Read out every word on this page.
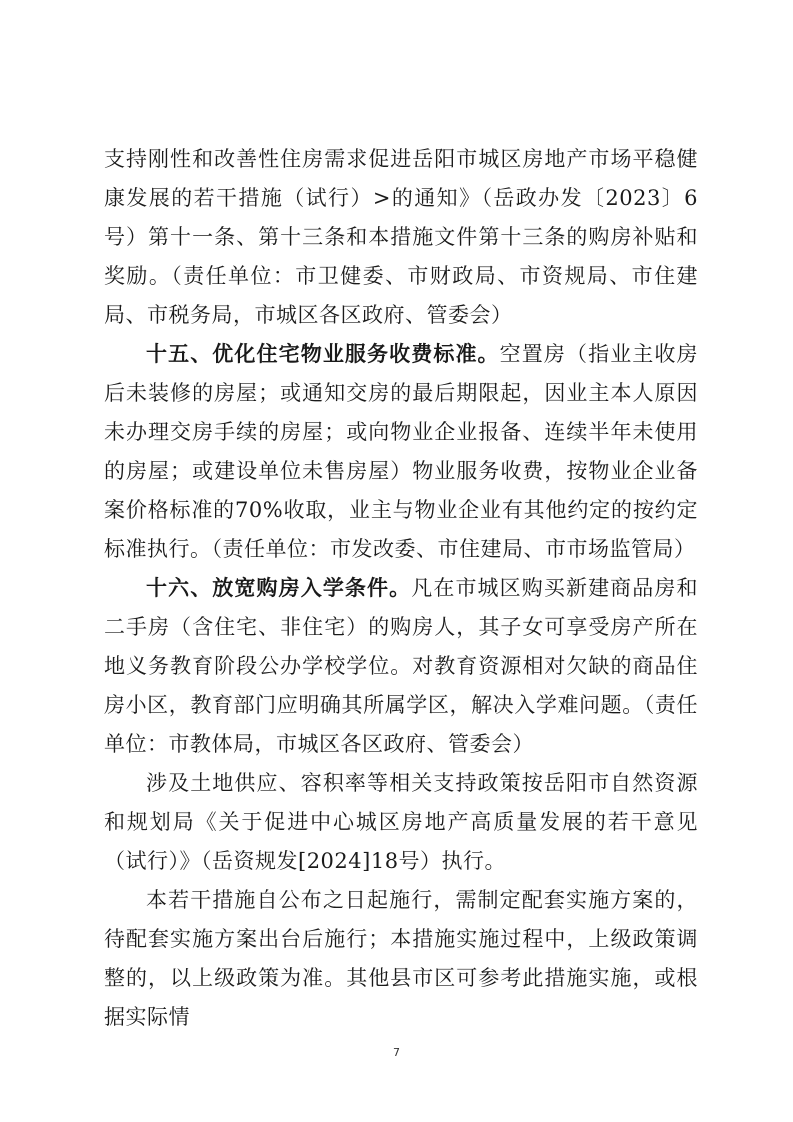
支持刚性和改善性住房需求促进岳阳市城区房地产市场平稳健康发展的若干措施（试行）>的通知》（岳政办发〔2023〕6号）第十一条、第十三条和本措施文件第十三条的购房补贴和奖励。（责任单位：市卫健委、市财政局、市资规局、市住建局、市税务局，市城区各区政府、管委会）

十五、优化住宅物业服务收费标准。空置房（指业主收房后未装修的房屋；或通知交房的最后期限起，因业主本人原因未办理交房手续的房屋；或向物业企业报备、连续半年未使用的房屋；或建设单位未售房屋）物业服务收费，按物业企业备案价格标准的70%收取，业主与物业企业有其他约定的按约定标准执行。（责任单位：市发改委、市住建局、市市场监管局）

十六、放宽购房入学条件。凡在市城区购买新建商品房和二手房（含住宅、非住宅）的购房人，其子女可享受房产所在地义务教育阶段公办学校学位。对教育资源相对欠缺的商品住房小区，教育部门应明确其所属学区，解决入学难问题。（责任单位：市教体局，市城区各区政府、管委会）

涉及土地供应、容积率等相关支持政策按岳阳市自然资源和规划局《关于促进中心城区房地产高质量发展的若干意见（试行）》（岳资规发[2024]18号）执行。

本若干措施自公布之日起施行，需制定配套实施方案的，待配套实施方案出台后施行；本措施实施过程中，上级政策调整的，以上级政策为准。其他县市区可参考此措施实施，或根据实际情

7
